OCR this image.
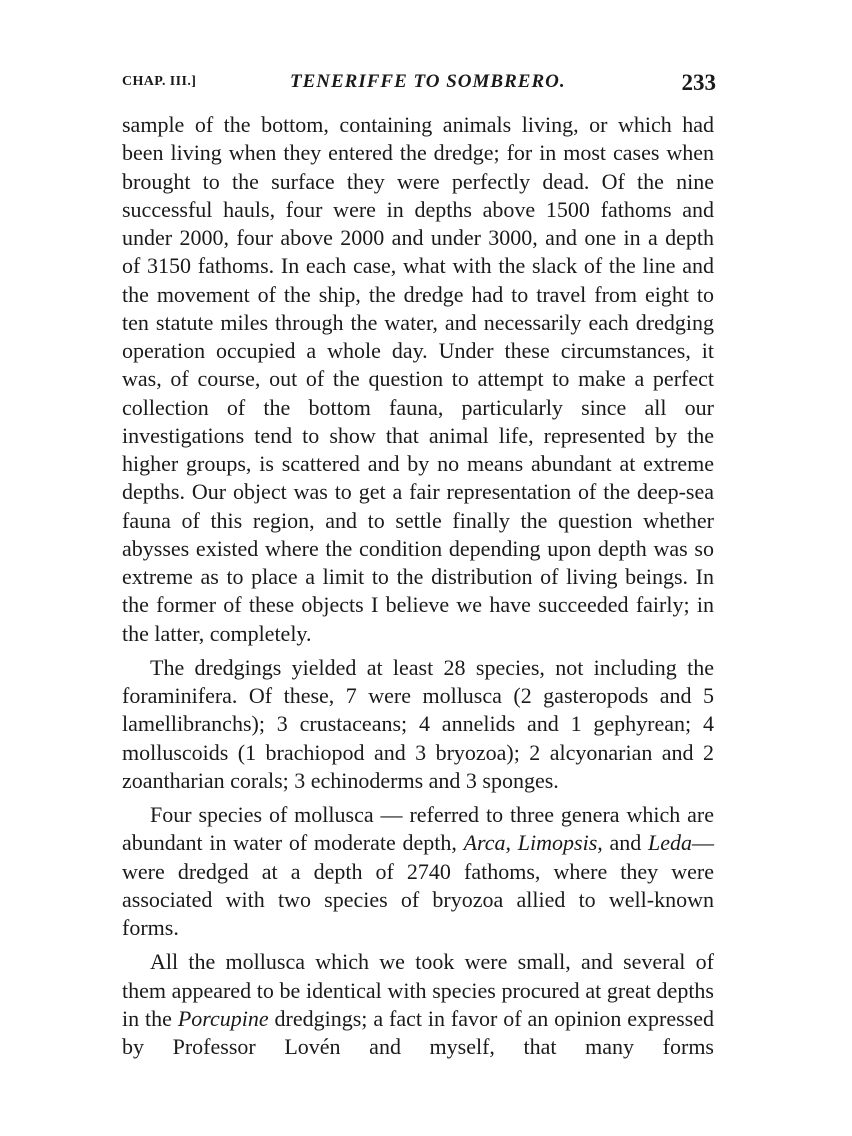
CHAP. III.]	TENERIFFE TO SOMBRERO.	233

sample of the bottom, containing animals living, or which had been living when they entered the dredge; for in most cases when brought to the surface they were perfectly dead. Of the nine successful hauls, four were in depths above 1500 fathoms and under 2000, four above 2000 and under 3000, and one in a depth of 3150 fathoms. In each case, what with the slack of the line and the movement of the ship, the dredge had to travel from eight to ten statute miles through the water, and necessarily each dredging operation occupied a whole day. Under these circumstances, it was, of course, out of the question to attempt to make a perfect collection of the bottom fauna, particularly since all our investigations tend to show that animal life, represented by the higher groups, is scattered and by no means abundant at extreme depths. Our object was to get a fair representation of the deep-sea fauna of this region, and to settle finally the question whether abysses existed where the condition depending upon depth was so extreme as to place a limit to the distribution of living beings. In the former of these objects I believe we have succeeded fairly; in the latter, completely.

The dredgings yielded at least 28 species, not including the foraminifera. Of these, 7 were mollusca (2 gasteropods and 5 lamellibranchs); 3 crustaceans; 4 annelids and 1 gephyrean; 4 molluscoids (1 brachiopod and 3 bryozoa); 2 alcyonarian and 2 zoantharian corals; 3 echinoderms and 3 sponges.

Four species of mollusca — referred to three genera which are abundant in water of moderate depth, Arca, Limopsis, and Leda—were dredged at a depth of 2740 fathoms, where they were associated with two species of bryozoa allied to well-known forms.

All the mollusca which we took were small, and several of them appeared to be identical with species procured at great depths in the Porcupine dredgings; a fact in favor of an opinion expressed by Professor Lovén and myself, that many forms
